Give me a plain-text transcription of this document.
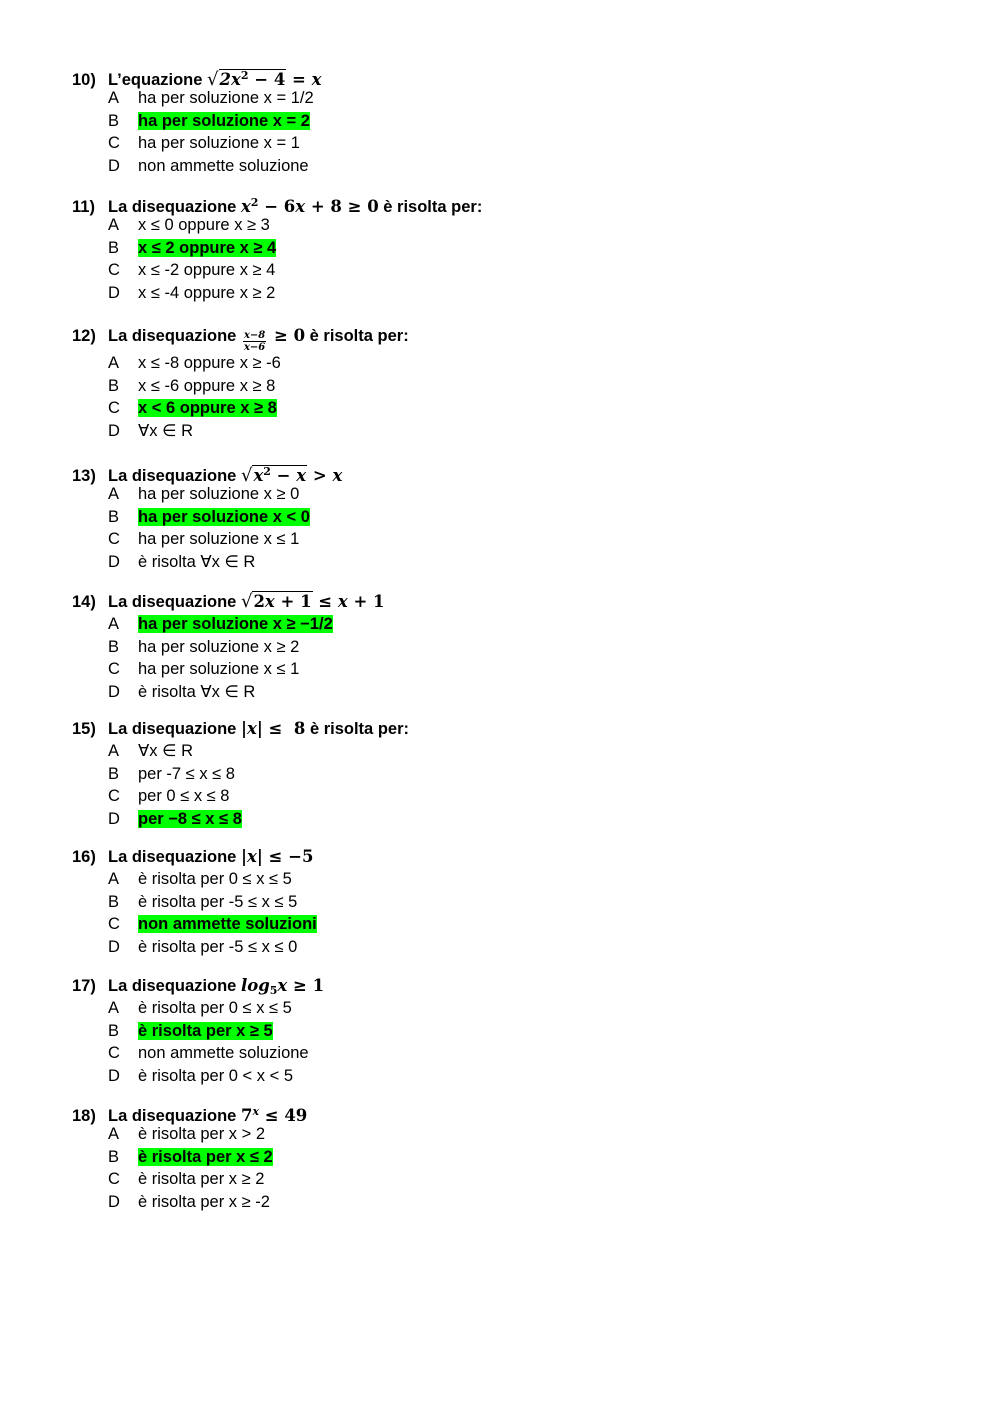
10) L’equazione $√2x^2 - 4 = x$
A ha per soluzione x = 1/2
B ha per soluzione x = 2
C ha per soluzione x = 1
D non ammette soluzione
11) La disequazione $x^2 - 6x + 8 \ge 0$ è risolta per:
A x ≤ 0 oppure x ≥ 3
B x ≤ 2 oppure x ≥ 4
C x ≤ -2 oppure x ≥ 4
D x ≤ -4 oppure x ≥ 2
12) La disequazione $\frac{x-8}{x-6} \ge 0$ è risolta per:
A x ≤ -8 oppure x ≥ -6
B x ≤ -6 oppure x ≥ 8
C x < 6 oppure x ≥ 8
D ∀x ∈ R
13) La disequazione $√x^2 - x > x$
A ha per soluzione x ≥ 0
B ha per soluzione x < 0
C ha per soluzione x ≤ 1
D è risolta ∀x ∈ R
14) La disequazione √2x + 1 ≤ x + 1
A ha per soluzione x ≥ −1/2
B ha per soluzione x ≥ 2
C ha per soluzione x ≤ 1
D è risolta ∀x ∈ R
15) La disequazione |x| ≤  8 è risolta per:
A ∀x ∈ R
B per -7 ≤ x ≤ 8
C per 0 ≤ x ≤ 8
D per −8 ≤ x ≤ 8
16) La disequazione |x| ≤ −5
A è risolta per 0 ≤ x ≤ 5
B è risolta per -5 ≤ x ≤ 5
C non ammette soluzioni
D è risolta per -5 ≤ x ≤ 0
17) La disequazione $\log_5x \ge 1$
A è risolta per 0 ≤ x ≤ 5
B è risolta per x ≥ 5
C non ammette soluzione
D è risolta per 0 < x < 5
18) La disequazione $7^x \le 49$
A è risolta per x > 2
B è risolta per x ≤ 2
C è risolta per x ≥ 2
D è risolta per x ≥ -2
